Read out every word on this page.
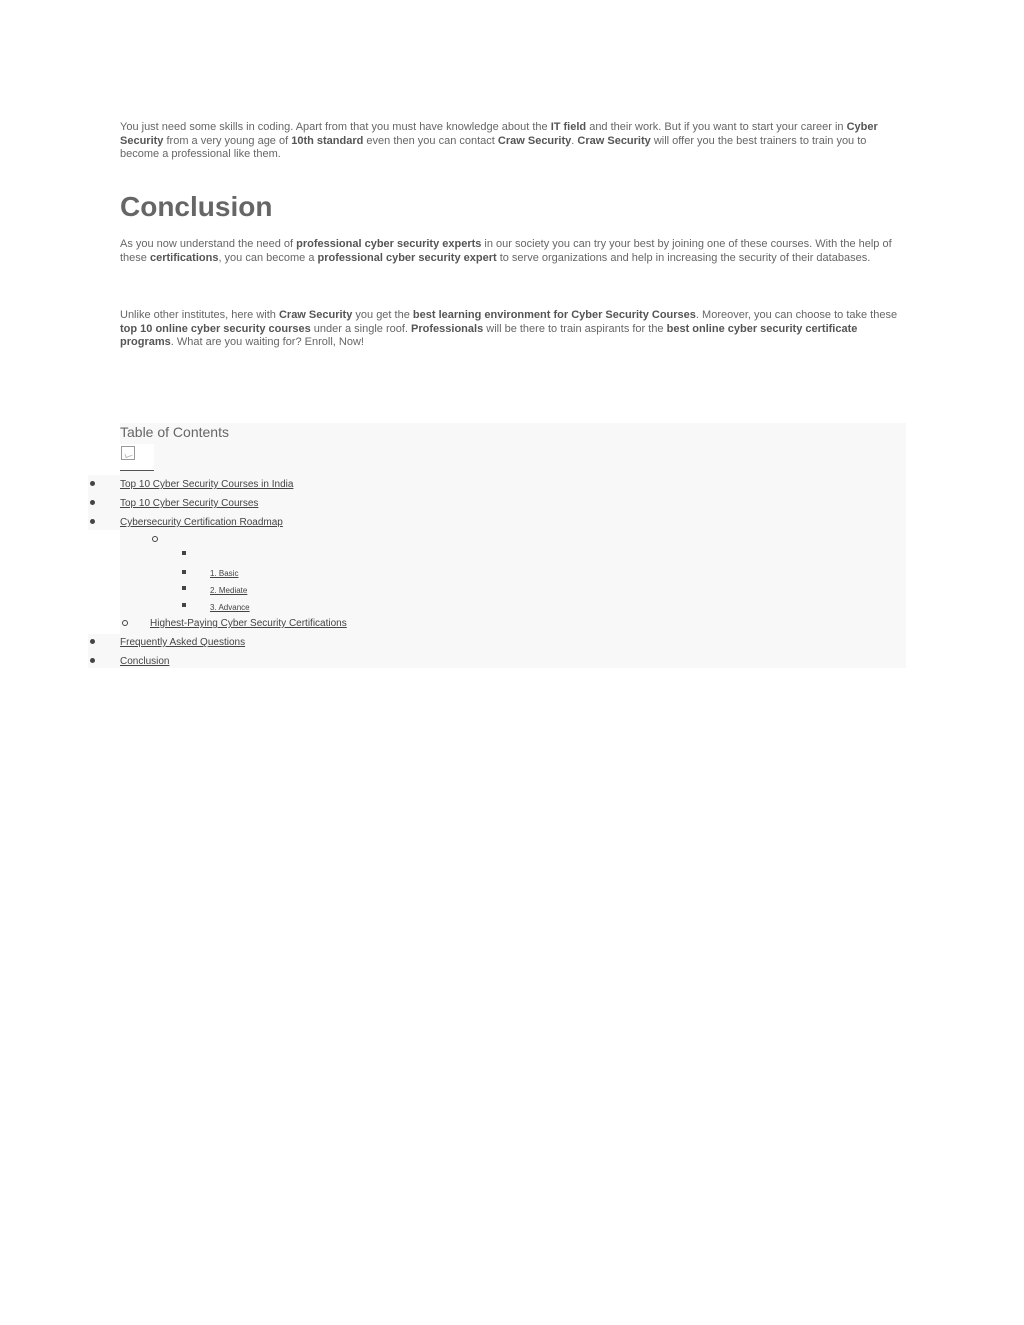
You just need some skills in coding. Apart from that you must have knowledge about the IT field and their work. But if you want to start your career in Cyber Security from a very young age of 10th standard even then you can contact Craw Security. Craw Security will offer you the best trainers to train you to become a professional like them.

Conclusion

As you now understand the need of professional cyber security experts in our society you can try your best by joining one of these courses. With the help of these certifications, you can become a professional cyber security expert to serve organizations and help in increasing the security of their databases.

Unlike other institutes, here with Craw Security you get the best learning environment for Cyber Security Courses. Moreover, you can choose to take these top 10 online cyber security courses under a single roof. Professionals will be there to train aspirants for the best online cyber security certificate programs. What are you waiting for? Enroll, Now!

Table of Contents
Top 10 Cyber Security Courses in India
Top 10 Cyber Security Courses
Cybersecurity Certification Roadmap
1. Basic
2. Mediate
3. Advance
Highest-Paying Cyber Security Certifications
Frequently Asked Questions
Conclusion
